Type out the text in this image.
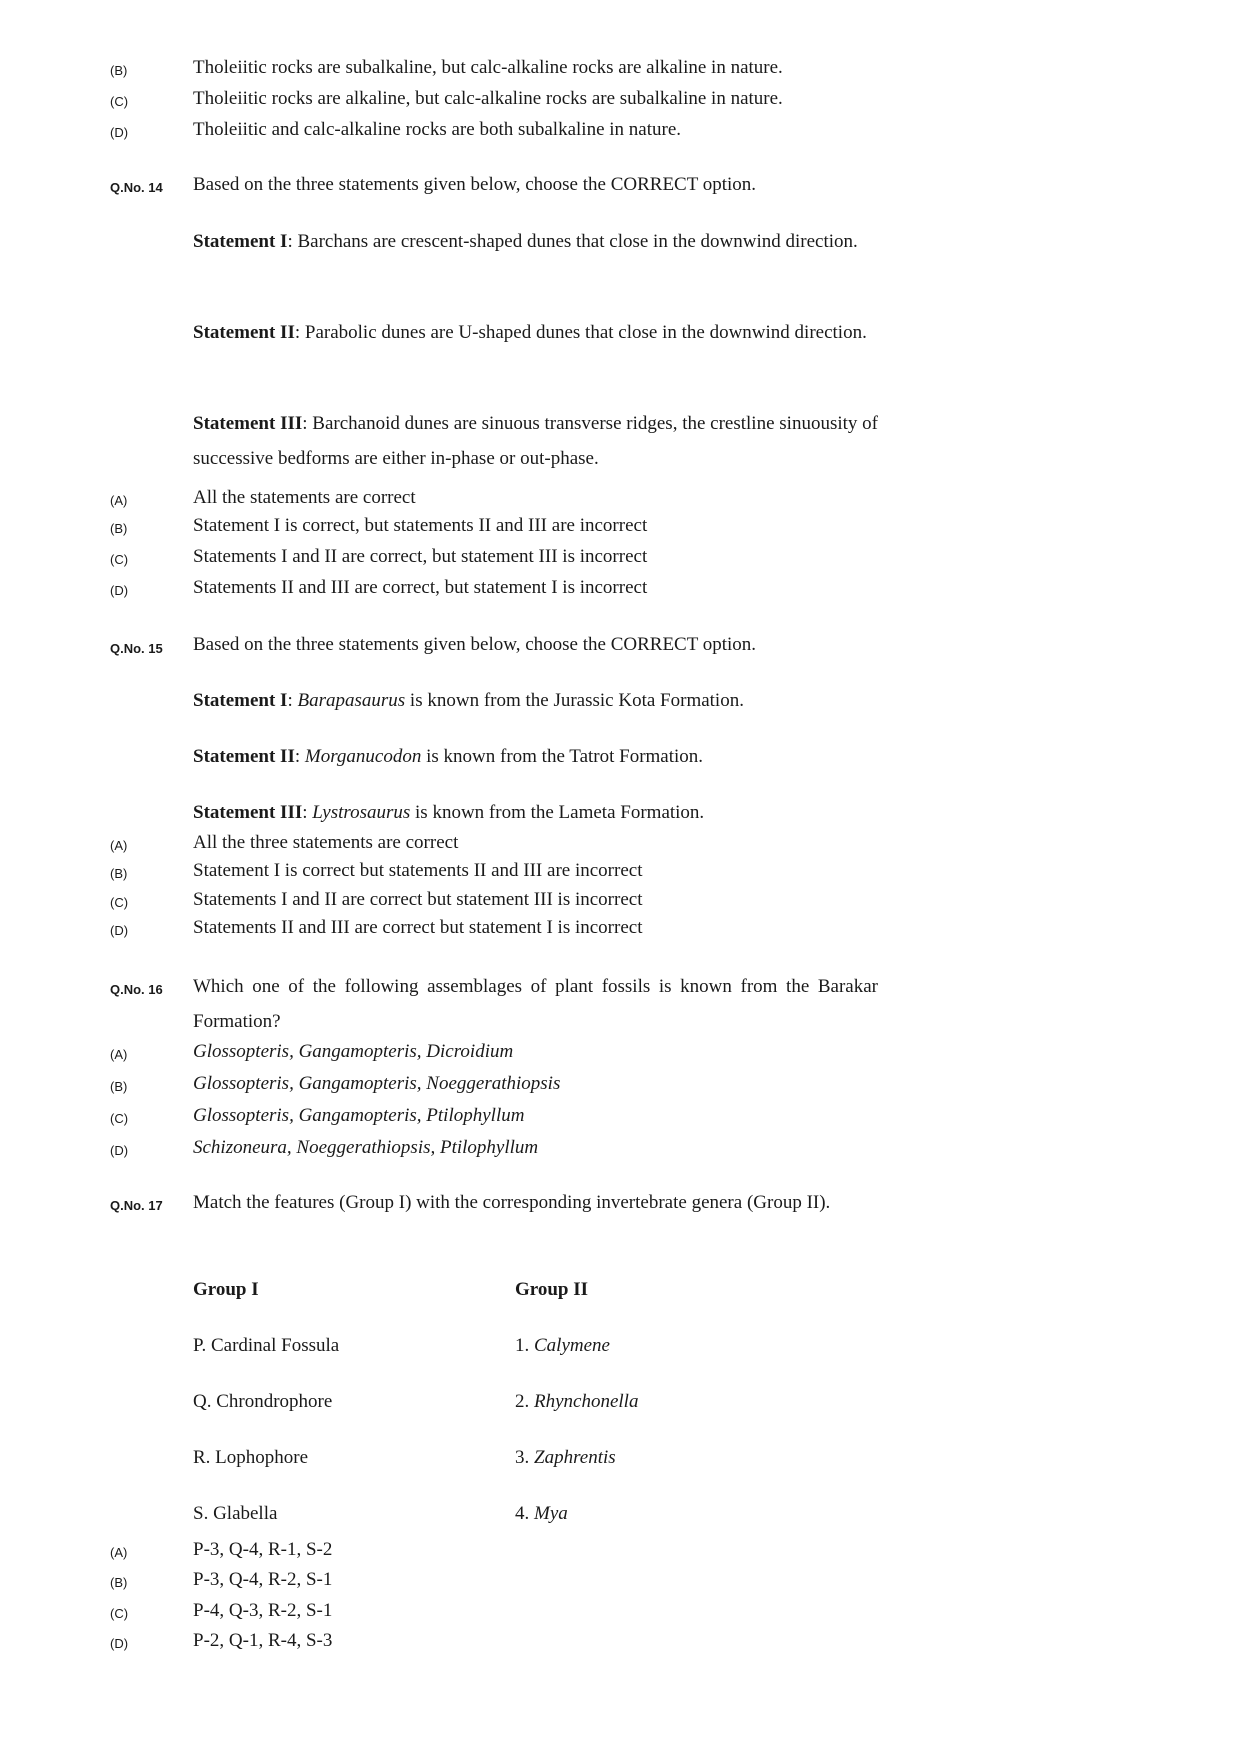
(B)	Tholeiitic rocks are subalkaline, but calc-alkaline rocks are alkaline in nature.
(C)	Tholeiitic rocks are alkaline, but calc-alkaline rocks are subalkaline in nature.
(D)	Tholeiitic and calc-alkaline rocks are both subalkaline in nature.
Q.No. 14 Based on the three statements given below, choose the CORRECT option.
Statement I: Barchans are crescent-shaped dunes that close in the downwind direction.
Statement II: Parabolic dunes are U-shaped dunes that close in the downwind direction.
Statement III: Barchanoid dunes are sinuous transverse ridges, the crestline sinuousity of successive bedforms are either in-phase or out-phase.
(A)	All the statements are correct
(B)	Statement I is correct, but statements II and III are incorrect
(C)	Statements I and II are correct, but statement III is incorrect
(D)	Statements II and III are correct, but statement I is incorrect
Q.No. 15 Based on the three statements given below, choose the CORRECT option.
Statement I: Barapasaurus is known from the Jurassic Kota Formation.
Statement II: Morganucodon is known from the Tatrot Formation.
Statement III: Lystrosaurus is known from the Lameta Formation.
(A)	All the three statements are correct
(B)	Statement I is correct but statements II and III are incorrect
(C)	Statements I and II are correct but statement III is incorrect
(D)	Statements II and III are correct but statement I is incorrect
Q.No. 16 Which one of the following assemblages of plant fossils is known from the Barakar Formation?
(A)	Glossopteris, Gangamopteris, Dicroidium
(B)	Glossopteris, Gangamopteris, Noeggerathiopsis
(C)	Glossopteris, Gangamopteris, Ptilophyllum
(D)	Schizoneura, Noeggerathiopsis, Ptilophyllum
Q.No. 17 Match the features (Group I) with the corresponding invertebrate genera (Group II).
Group I	Group II
P. Cardinal Fossula	1. Calymene
Q. Chrondrophore	2. Rhynchonella
R. Lophophore	3. Zaphrentis
S. Glabella	4. Mya
(A)	P-3, Q-4, R-1, S-2
(B)	P-3, Q-4, R-2, S-1
(C)	P-4, Q-3, R-2, S-1
(D)	P-2, Q-1, R-4, S-3
